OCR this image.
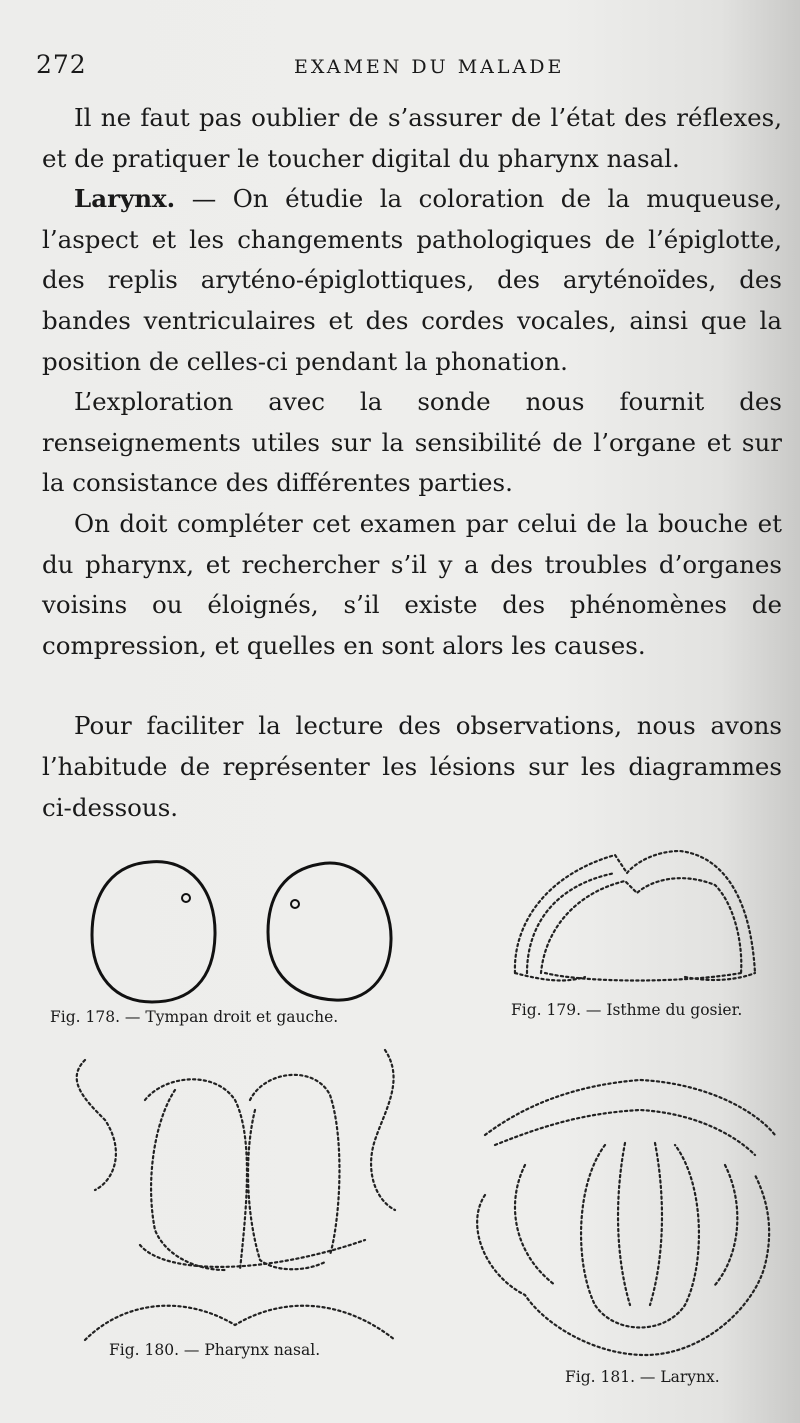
272	EXAMEN DU MALADE

Il ne faut pas oublier de s’assurer de l’état des réflexes, et de pratiquer le toucher digital du pharynx nasal.

Larynx. — On étudie la coloration de la muqueuse, l’aspect et les changements pathologiques de l’épiglotte, des replis aryténo-épiglottiques, des aryténoïdes, des bandes ventriculaires et des cordes vocales, ainsi que la position de celles-ci pendant la phonation.

L’exploration avec la sonde nous fournit des renseignements utiles sur la sensibilité de l’organe et sur la consistance des différentes parties.

On doit compléter cet examen par celui de la bouche et du pharynx, et rechercher s’il y a des troubles d’organes voisins ou éloignés, s’il existe des phénomènes de compression, et quelles en sont alors les causes.

Pour faciliter la lecture des observations, nous avons l’habitude de représenter les lésions sur les diagrammes ci-dessous.

Fig. 178. — Tympan droit et gauche.	Fig. 179. — Isthme du gosier.
Fig. 180. — Pharynx nasal.
Fig. 181. — Larynx.
